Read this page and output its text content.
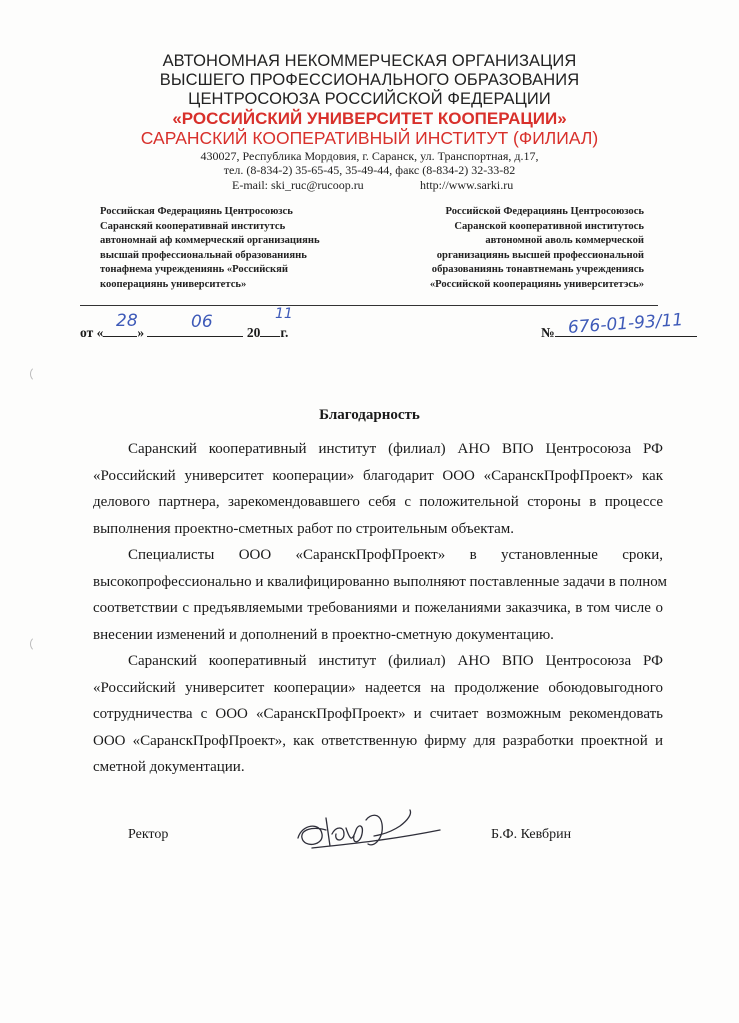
АВТОНОМНАЯ НЕКОММЕРЧЕСКАЯ ОРГАНИЗАЦИЯ
ВЫСШЕГО ПРОФЕССИОНАЛЬНОГО ОБРАЗОВАНИЯ
ЦЕНТРОСОЮЗА РОССИЙСКОЙ ФЕДЕРАЦИИ
«РОССИЙСКИЙ УНИВЕРСИТЕТ КООПЕРАЦИИ»
САРАНСКИЙ КООПЕРАТИВНЫЙ ИНСТИТУТ (ФИЛИАЛ)
430027, Республика Мордовия, г. Саранск, ул. Транспортная, д.17,
тел. (8-834-2) 35-65-45, 35-49-44, факс (8-834-2) 32-33-82
E-mail: ski_ruc@rucoop.ru	http://www.sarki.ru
Российская Федерациянь Центросоюзсь
Саранскяй кооперативнай институтсь
автономнай аф коммерческяй организациянь
высшай профессиональнай образованиянь
тонафнема учреждениянь «Российскяй
кооперациянь университетсь»
Российской Федерациянь Центросоюзось
Саранской кооперативной институтось
автономной аволь коммерческой
организациянь высшей профессиональной
образованиянь тонавтнемань учреждениясь
«Российской кооперациянь университетэсь»
от «	»	20 г.
28	06	11
№ 676-01-93/11
Благодарность
Саранский кооперативный институт (филиал) АНО ВПО Центросоюза РФ
«Российский университет кооперации» благодарит ООО «СаранскПрофПроект» как
делового партнера, зарекомендовавшего себя с положительной стороны в процессе
выполнения проектно-сметных работ по строительным объектам.
Специалисты ООО «СаранскПрофПроект» в установленные сроки,
высокопрофессионально и квалифицированно выполняют поставленные задачи в полном
соответствии с предъявляемыми требованиями и пожеланиями заказчика, в том числе о
внесении изменений и дополнений в проектно-сметную документацию.
Саранский кооперативный институт (филиал) АНО ВПО Центросоюза РФ
«Российский университет кооперации» надеется на продолжение обоюдовыгодного
сотрудничества с ООО «СаранскПрофПроект» и считает возможным рекомендовать
ООО «СаранскПрофПроект», как ответственную фирму для разработки проектной и
сметной документации.
Ректор	Б.Ф. Кевбрин
